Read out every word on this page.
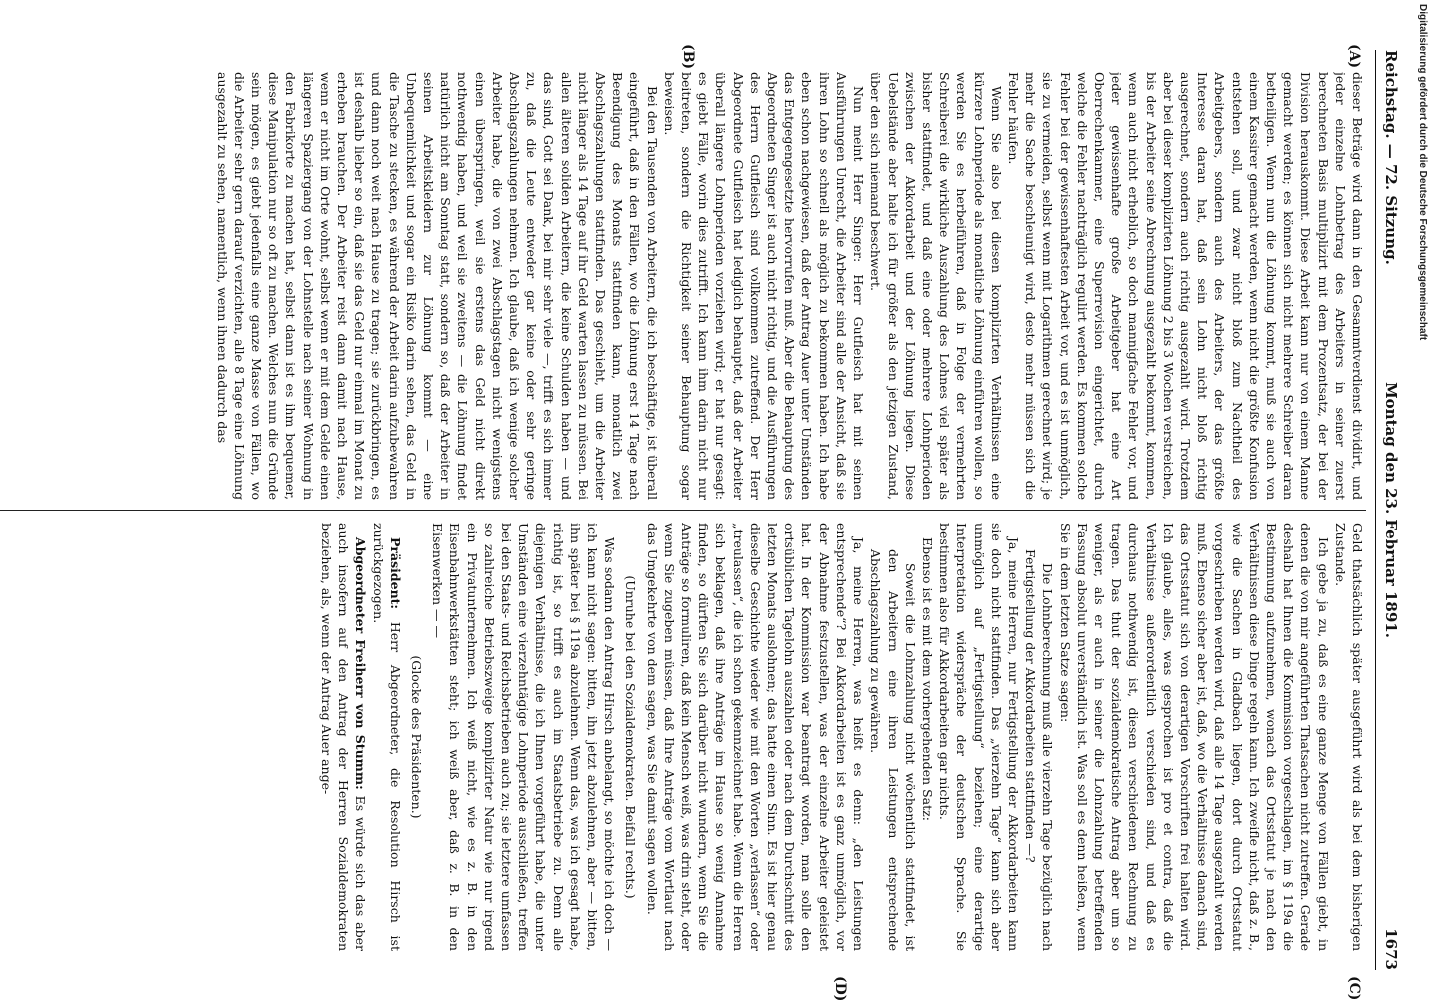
Reichstag. — 72. Sitzung.
Montag den 23. Februar 1891.
1673
(A)
(B)
(C)
(D)

dieser Beträge wird dann in den Gesammtverdienst dividirt, und jeder einzelne Lohnbetrag des Arbeiters in seiner zuerst berechneten Basis multiplizirt mit dem Prozentsatz, der bei der Division herauskommt. Diese Arbeit kann nur von einem Manne gemacht werden; es können sich nicht mehrere Schreiber daran betheiligen. Wenn nun die Löhnung kommt, muß sie auch von einem Kassirer gemacht werden, wenn nicht die größte Konfusion entstehen soll, und zwar nicht bloß zum Nachtheil des Arbeitgebers, sondern auch des Arbeiters, der das größte Interesse daran hat, daß sein Lohn nicht bloß richtig ausgerechnet, sondern auch richtig ausgezahlt wird. Trotzdem aber bei dieser komplizirten Löhnung 2 bis 3 Wochen verstreichen, bis der Arbeiter seine Abrechnung ausgezahlt bekommt, kommen, wenn auch nicht erheblich, so doch mannigfache Fehler vor, und jeder gewissenhafte große Arbeitgeber hat eine Art Oberrechenkammer, eine Superrevision eingerichtet, durch welche die Fehler nachträglich regulirt werden. Es kommen solche Fehler bei der gewissenhaftesten Arbeit vor, und es ist unmöglich, sie zu vermeiden, selbst wenn mit Logarithmen gerechnet wird; je mehr die Sache beschleunigt wird, desto mehr müssen sich die Fehler häufen.

Wenn Sie also bei diesen komplizirten Verhältnissen eine kürzere Lohnperiode als monatliche Löhnung einführen wollen, so werden Sie es herbeiführen, daß in Folge der vermehrten Schreiberei die wirkliche Auszahlung des Lohnes viel später als bisher stattfindet, und daß eine oder mehrere Lohnperioden zwischen der Akkordarbeit und der Löhnung liegen. Diese Uebelstände aber halte ich für größer als den jetzigen Zustand, über den sich niemand beschwert.

Nun meint Herr Singer: Herr Gutfleisch hat mit seinen Ausführungen Unrecht, die Arbeiter sind alle der Ansicht, daß sie ihren Lohn so schnell als möglich zu bekommen haben. Ich habe eben schon nachgewiesen, daß der Antrag Auer unter Umständen das Entgegengesetzte hervorrufen muß. Aber die Behauptung des Abgeordneten Singer ist auch nicht richtig, und die Ausführungen des Herrn Gutfleisch sind vollkommen zutreffend. Der Herr Abgeordnete Gutfleisch hat lediglich behauptet, daß der Arbeiter überall längere Lohnperioden vorziehen wird; er hat nur gesagt: es giebt Fälle, worin dies zutrifft. Ich kann ihm darin nicht nur beitreten, sondern die Richtigkeit seiner Behauptung sogar beweisen.

Bei den Tausenden von Arbeitern, die ich beschäftige, ist überall eingeführt, daß in den Fällen, wo die Löhnung erst 14 Tage nach Beendigung des Monats stattfinden kann, monatlich zwei Abschlagszahlungen stattfinden. Das geschieht, um die Arbeiter nicht länger als 14 Tage auf ihr Geld warten lassen zu müssen. Bei allen älteren soliden Arbeitern, die keine Schulden haben — und das sind, Gott sei Dank, bei mir sehr viele —, trifft es sich immer zu, daß die Leute entweder gar keine oder sehr geringe Abschlagszahlungen nehmen. Ich glaube, daß ich wenige solcher Arbeiter habe, die von zwei Abschlagstagen nicht wenigstens einen überspringen, weil sie erstens das Geld nicht direkt nothwendig haben, und weil sie zweitens — die Löhnung findet natürlich nicht am Sonntag statt, sondern so, daß der Arbeiter in seinen Arbeitskleidern zur Löhnung kommt — eine Unbequemlichkeit und sogar ein Risiko darin sehen, das Geld in die Tasche zu stecken, es während der Arbeit darin aufzubewahren und dann noch weit nach Hause zu tragen; sie zurückbringen, es ist deshalb lieber so ein, daß sie das Geld nur einmal im Monat zu erheben brauchen. Der Arbeiter reist dann damit nach Hause, wenn er nicht im Orte wohnt, selbst wenn er mit dem Gelde einen längeren Spaziergang von der Lohnstelle nach seiner Wohnung in den Fabrikorte zu machen hat, selbst dann ist es ihm bequemer, diese Manipulation nur so oft zu machen. Welches nun die Gründe sein mögen, es giebt jedenfalls eine ganze Masse von Fällen, wo die Arbeiter sehr gern darauf verzichten, alle 8 Tage eine Löhnung ausgezahlt zu sehen, namentlich, wenn ihnen dadurch das

Geld thatsächlich später ausgeführt wird als bei dem bisherigen Zustande.

Ich gebe ja zu, daß es eine ganze Menge von Fällen giebt, in denen die von mir angeführten Thatsachen nicht zutreffen. Gerade deshalb hat Ihnen die Kommission vorgeschlagen, im § 119a die Bestimmung aufzunehmen, wonach das Ortsstatut je nach den Verhältnissen diese Dinge regeln kann. Ich zweifle nicht, daß z. B., wie die Sachen in Gladbach liegen, dort durch Ortsstatut vorgeschrieben werden wird, daß alle 14 Tage ausgezahlt werden muß. Ebenso sicher aber ist, daß, wo die Verhältnisse danach sind, das Ortsstatut sich von derartigen Vorschriften frei halten wird. Ich glaube, alles, was gesprochen ist pro et contra, daß die Verhältnisse außerordentlich verschieden sind, und daß es durchaus nothwendig ist, diesen verschiedenen Rechnung zu tragen. Das thut der sozialdemokratische Antrag aber um so weniger, als er auch in seiner die Lohnzahlung betreffenden Fassung absolut unverständlich ist. Was soll es denn heißen, wenn Sie in dem letzten Satze sagen:

Die Lohnberechnung muß alle vierzehn Tage bezüglich nach Fertigstellung der Akkordarbeiten stattfinden —?

Ja, meine Herren, nur Fertigstellung der Akkordarbeiten kann sie doch nicht stattfinden. Das „vierzehn Tage“ kann sich aber unmöglich auf „Fertigstellung“ beziehen; eine derartige Interpretation widerspräche der deutschen Sprache. Sie bestimmen also für Akkordarbeiten gar nichts.

Ebenso ist es mit dem vorhergehenden Satz:

Soweit die Lohnzahlung nicht wöchentlich stattfindet, ist den Arbeitern eine ihren Leistungen entsprechende Abschlagszahlung zu gewähren.

Ja, meine Herren, was heißt es denn: „den Leistungen entsprechende“? Bei Akkordarbeiten ist es ganz unmöglich, vor der Abnahme festzustellen, was der einzelne Arbeiter geleistet hat. In der Kommission war beantragt worden, man solle den ortsüblichen Tagelohn auszahlen oder nach dem Durchschnitt des letzten Monats auslohnen; das hatte einen Sinn. Es ist hier genau dieselbe Geschichte wieder wie mit den Worten „verlassen“ oder „treulassen“, die ich schon gekennzeichnet habe. Wenn die Herren sich beklagen, daß ihre Anträge im Hause so wenig Annahme finden, so dürften Sie sich darüber nicht wundern, wenn Sie die Anträge so formuliren, daß kein Mensch weiß, was drin steht, oder wenn Sie zugeben müssen, daß Ihre Anträge vom Wortlaut nach das Umgekehrte von dem sagen, was Sie damit sagen wollen.

(Unruhe bei den Sozialdemokraten. Beifall rechts.)

Was sodann den Antrag Hirsch anbelangt, so möchte ich doch — ich kann nicht sagen: bitten, ihn jetzt abzulehnen, aber — bitten, ihn später bei § 119a abzulehnen. Wenn das, was ich gesagt habe, richtig ist, so trifft es auch im Staatsbetriebe zu. Denn alle diejenigen Verhältnisse, die ich Ihnen vorgeführt habe, die unter Umständen eine vierzehntägige Lohnperiode ausschließen, treffen bei den Staats- und Reichsbetrieben auch zu; sie letztere umfassen so zahlreiche Betriebszweige komplizirter Natur wie nur irgend ein Privatunternehmen. Ich weiß nicht, wie es z. B. in den Eisenbahnwerkstätten steht; ich weiß aber, daß z. B. in den Eisenwerken — —

(Glocke des Präsidenten.)

Präsident: Herr Abgeordneter, die Resolution Hirsch ist zurückgezogen.

Abgeordneter Freiherr von Stumm: Es würde sich das aber auch insofern auf den Antrag der Herren Sozialdemokraten beziehen, als, wenn der Antrag Auer ange-

Digitalisierung gefördert durch die Deutsche Forschungsgemeinschaft
